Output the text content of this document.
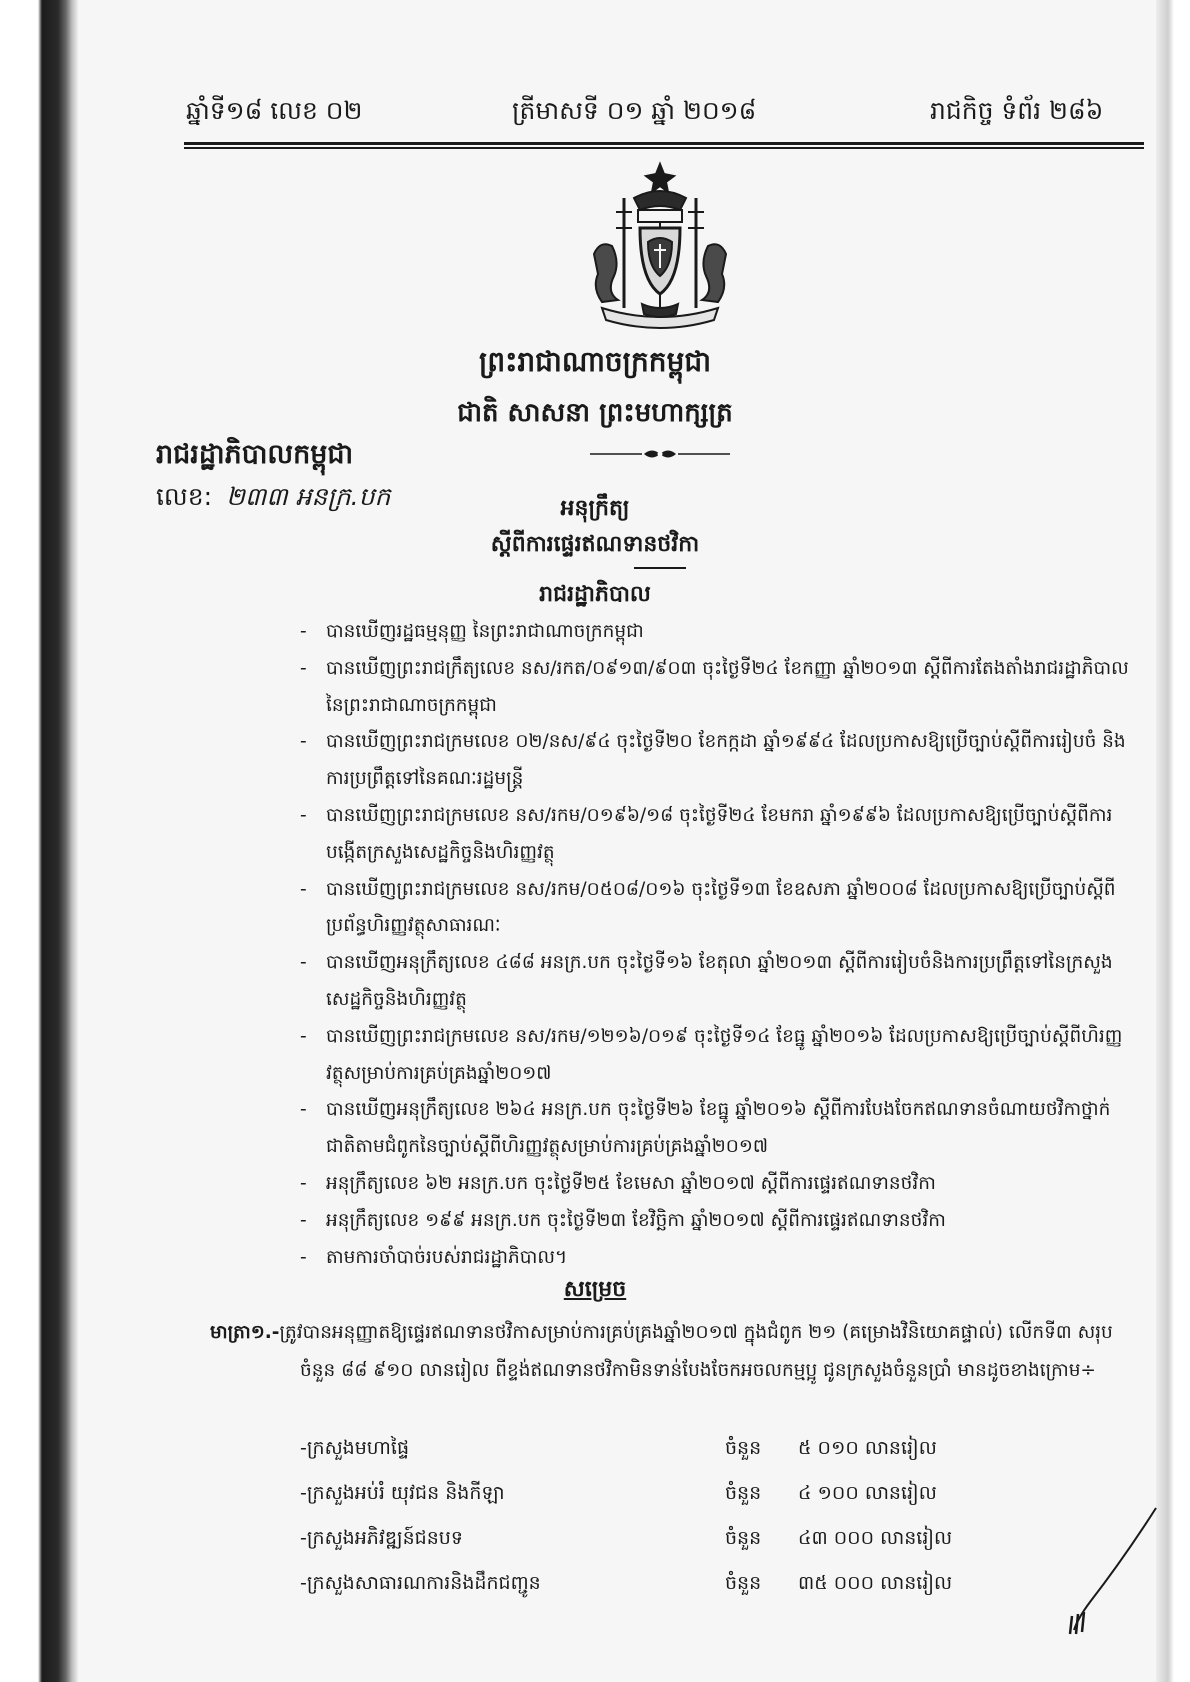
ឆ្នាំទី១៨ លេខ ០២	ត្រីមាសទី ០១ ឆ្នាំ ២០១៨	រាជកិច្ច ទំព័រ ២៨៦
ព្រះរាជាណាចក្រកម្ពុជា
ជាតិ សាសនា ព្រះមហាក្សត្រ
រាជរដ្ឋាភិបាលកម្ពុជា
លេខ: ២៣៣ អនក្រ.បក	អនុក្រឹត្យ
ស្តីពីការផ្ទេរឥណទានថវិកា
រាជរដ្ឋាភិបាល
- បានឃើញរដ្ឋធម្មនុញ្ញ នៃព្រះរាជាណាចក្រកម្ពុជា
- បានឃើញព្រះរាជក្រឹត្យលេខ នស/រកត/០៩១៣/៩០៣ ចុះថ្ងៃទី២៤ ខែកញ្ញា ឆ្នាំ២០១៣ ស្តីពីការតែងតាំងរាជរដ្ឋាភិបាលនៃព្រះរាជាណាចក្រកម្ពុជា
- បានឃើញព្រះរាជក្រមលេខ ០២/នស/៩៤ ចុះថ្ងៃទី២០ ខែកក្កដា ឆ្នាំ១៩៩៤ ដែលប្រកាសឱ្យប្រើច្បាប់ស្តីពីការរៀបចំ និង ការប្រព្រឹត្តទៅនៃគណៈរដ្ឋមន្ត្រី
- បានឃើញព្រះរាជក្រមលេខ នស/រកម/០១៩៦/១៨ ចុះថ្ងៃទី២៤ ខែមករា ឆ្នាំ១៩៩៦ ដែលប្រកាសឱ្យប្រើច្បាប់ស្តីពីការបង្កើតក្រសួងសេដ្ឋកិច្ចនិងហិរញ្ញវត្ថុ
- បានឃើញព្រះរាជក្រមលេខ នស/រកម/០៥០៨/០១៦ ចុះថ្ងៃទី១៣ ខែឧសភា ឆ្នាំ២០០៨ ដែលប្រកាសឱ្យប្រើច្បាប់ស្តីពីប្រព័ន្ធហិរញ្ញវត្ថុសាធារណៈ
- បានឃើញអនុក្រឹត្យលេខ ៤៨៨ អនក្រ.បក ចុះថ្ងៃទី១៦ ខែតុលា ឆ្នាំ២០១៣ ស្តីពីការរៀបចំនិងការប្រព្រឹត្តទៅនៃក្រសួងសេដ្ឋកិច្ចនិងហិរញ្ញវត្ថុ
- បានឃើញព្រះរាជក្រមលេខ នស/រកម/១២១៦/០១៩ ចុះថ្ងៃទី១៤ ខែធ្នូ ឆ្នាំ២០១៦ ដែលប្រកាសឱ្យប្រើច្បាប់ស្តីពីហិរញ្ញវត្ថុសម្រាប់ការគ្រប់គ្រងឆ្នាំ២០១៧
- បានឃើញអនុក្រឹត្យលេខ ២៦៤ អនក្រ.បក ចុះថ្ងៃទី២៦ ខែធ្នូ ឆ្នាំ២០១៦ ស្តីពីការបែងចែកឥណទានចំណាយថវិកាថ្នាក់ជាតិតាមជំពូកនៃច្បាប់ស្តីពីហិរញ្ញវត្ថុសម្រាប់ការគ្រប់គ្រងឆ្នាំ២០១៧
- អនុក្រឹត្យលេខ ៦២ អនក្រ.បក ចុះថ្ងៃទី២៥ ខែមេសា ឆ្នាំ២០១៧ ស្តីពីការផ្ទេរឥណទានថវិកា
- អនុក្រឹត្យលេខ ១៩៩ អនក្រ.បក ចុះថ្ងៃទី២៣ ខែវិច្ឆិកា ឆ្នាំ២០១៧ ស្តីពីការផ្ទេរឥណទានថវិកា
- តាមការចាំបាច់របស់រាជរដ្ឋាភិបាល។
សម្រេច
មាត្រា១.-ត្រូវបានអនុញ្ញាតឱ្យផ្ទេរឥណទានថវិកាសម្រាប់ការគ្រប់គ្រងឆ្នាំ២០១៧ ក្នុងជំពូក ២១ (គម្រោងវិនិយោគផ្ទាល់) លើកទី៣ សរុបចំនួន ៨៨ ៩១០ លានរៀល ពីខ្ទង់ឥណទានថវិកាមិនទាន់បែងចែកអចលកម្មប្អូ ជូនក្រសួងចំនួនប្រាំ មានដូចខាងក្រោម÷
-ក្រសួងមហាផ្ទៃ	ចំនួន ៥ ០១០ លានរៀល
-ក្រសួងអប់រំ យុវជន និងកីឡា	ចំនួន ៤ ១០០ លានរៀល
-ក្រសួងអភិវឌ្ឍន៍ជនបទ	ចំនួន ៤៣ ០០០ លានរៀល
-ក្រសួងសាធារណការនិងដឹកជញ្ជូន	ចំនួន ៣៥ ០០០ លានរៀល
